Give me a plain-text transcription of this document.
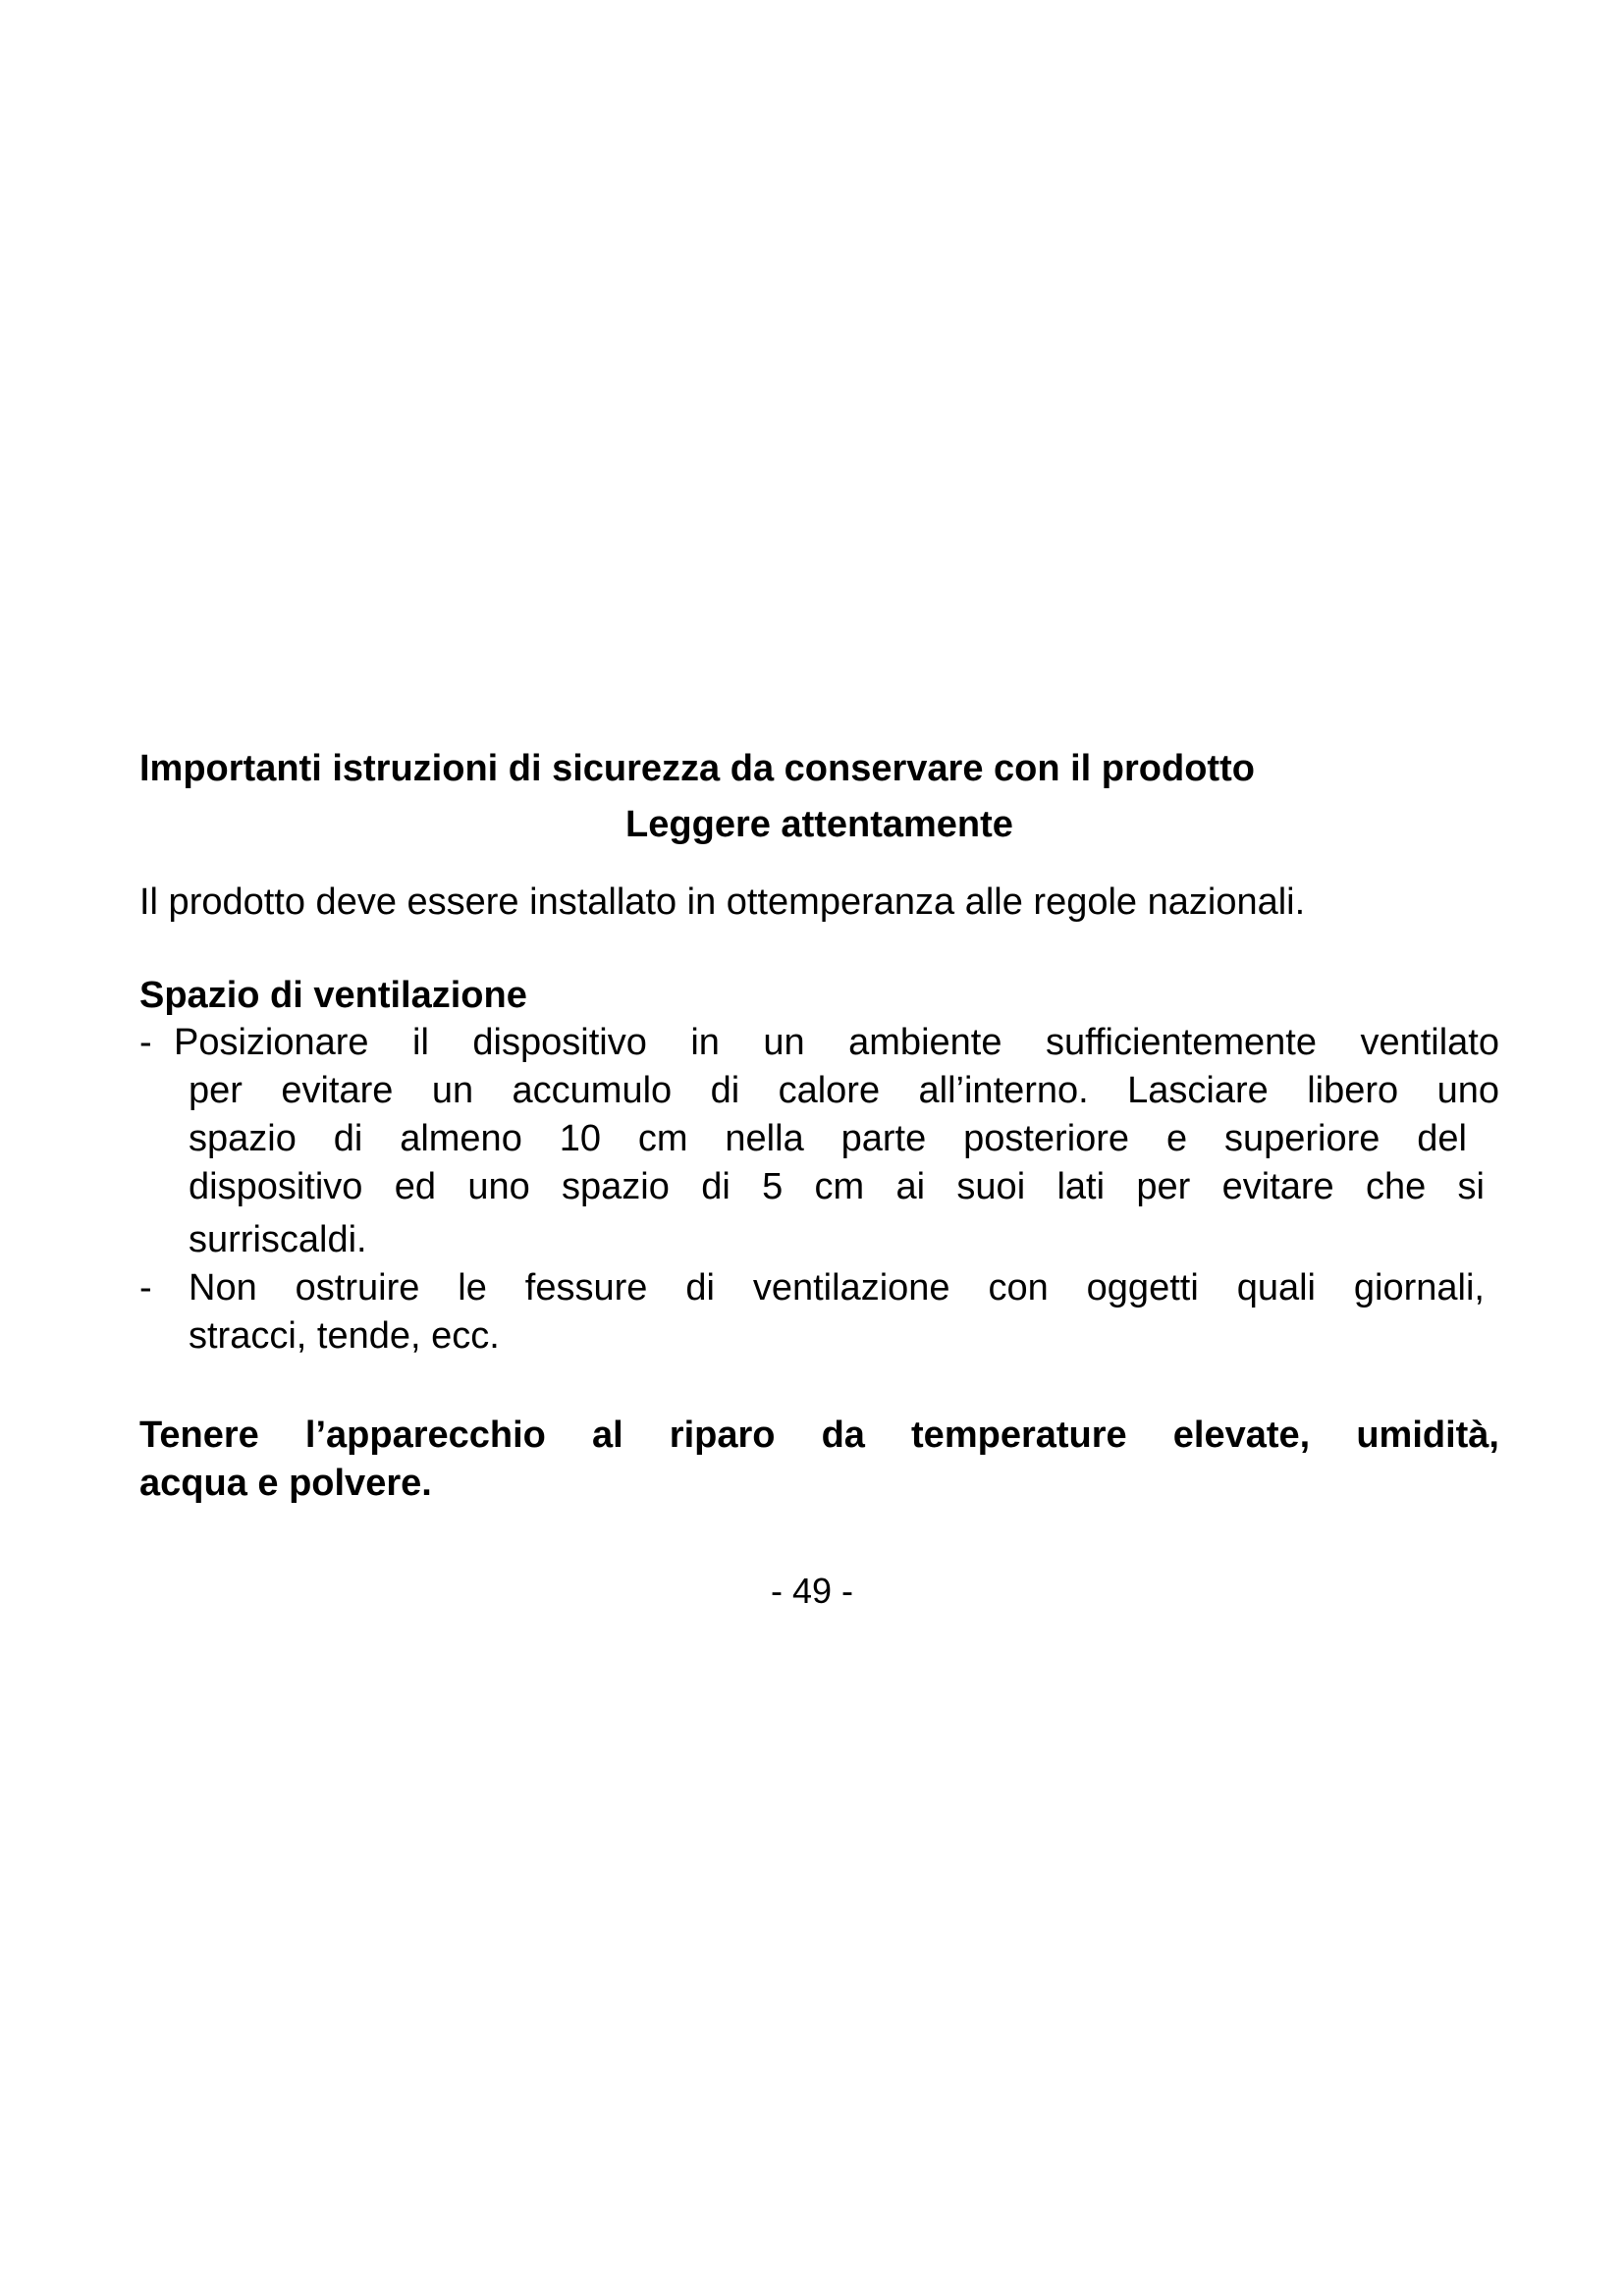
Importanti istruzioni di sicurezza da conservare con il prodotto
Leggere attentamente

Il prodotto deve essere installato in ottemperanza alle regole nazionali.

Spazio di ventilazione
- Posizionare il dispositivo in un ambiente sufficientemente ventilato
per evitare un accumulo di calore all’interno. Lasciare libero uno
spazio di almeno 10 cm nella parte posteriore e superiore del
dispositivo ed uno spazio di 5 cm ai suoi lati per evitare che si
surriscaldi.
- Non ostruire le fessure di ventilazione con oggetti quali giornali,
stracci, tende, ecc.

Tenere l’apparecchio al riparo da temperature elevate, umidità,
acqua e polvere.

- 49 -
